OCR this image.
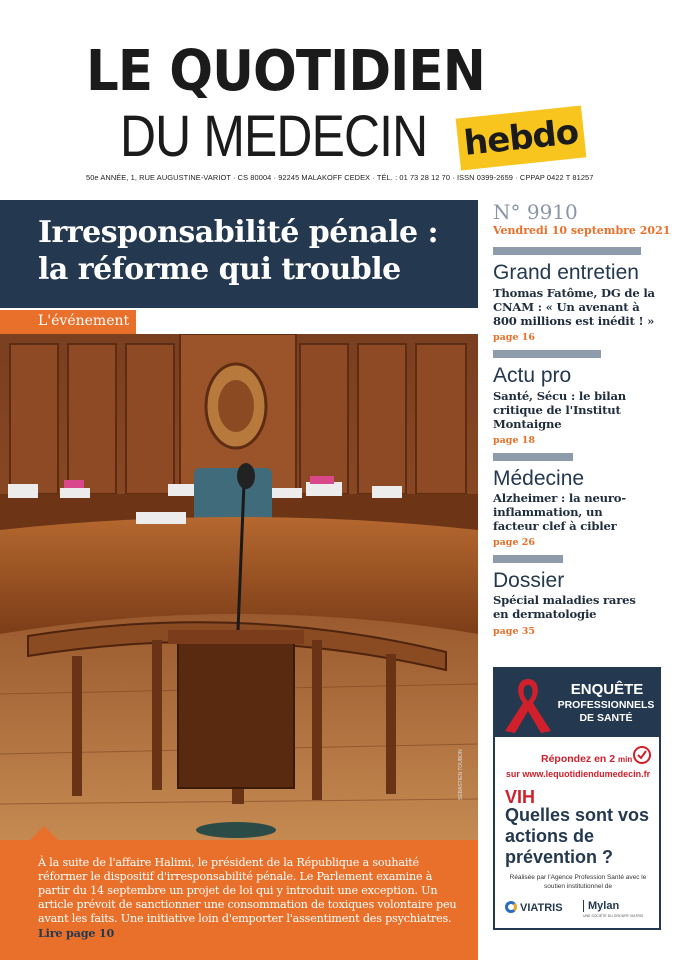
LE QUOTIDIEN
DU MEDECIN hebdo
50e ANNÉE, 1, RUE AUGUSTINE-VARIOT · CS 80004 · 92245 MALAKOFF CEDEX · TÉL. : 01 73 28 12 70 · ISSN 0399-2659 · CPPAP 0422 T 81257
Irresponsabilité pénale :
la réforme qui trouble
L'événement
SÉBASTIEN TOUBON
À la suite de l'affaire Halimi, le président de la République a souhaité réformer le dispositif d'irresponsabilité pénale. Le Parlement examine à partir du 14 septembre un projet de loi qui y introduit une exception. Un article prévoit de sanctionner une consommation de toxiques volontaire peu avant les faits. Une initiative loin d'emporter l'assentiment des psychiatres. Lire page 10
N° 9910
Vendredi 10 septembre 2021
Grand entretien
Thomas Fatôme, DG de la CNAM : « Un avenant à 800 millions est inédit ! »
page 16
Actu pro
Santé, Sécu : le bilan critique de l'Institut Montaigne
page 18
Médecine
Alzheimer : la neuro-inflammation, un facteur clef à cibler
page 26
Dossier
Spécial maladies rares en dermatologie
page 35
ENQUÊTE
PROFESSIONNELS DE SANTÉ
Répondez en 2 min
sur www.lequotidiendumedecin.fr
VIH
Quelles sont vos actions de prévention ?
Réalisée par l'Agence Profession Santé avec le soutien institutionnel de
VIATRIS	Mylan
UNE SOCIÉTÉ DU GROUPE VIATRIS
